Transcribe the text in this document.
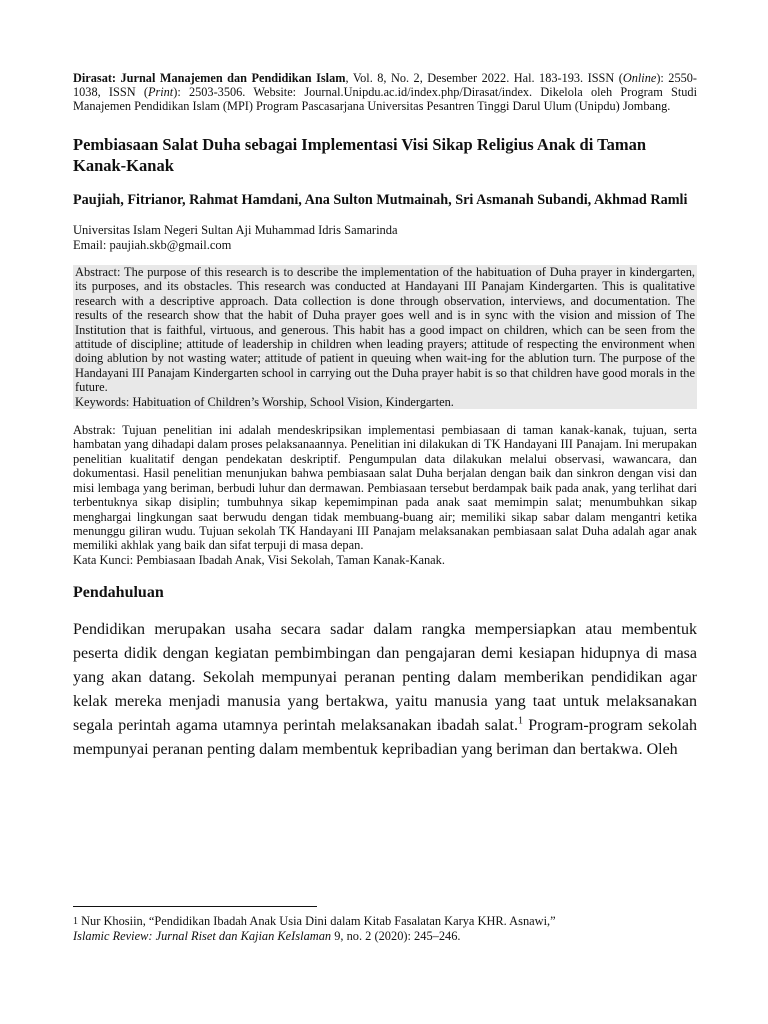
Dirasat: Jurnal Manajemen dan Pendidikan Islam, Vol. 8, No. 2, Desember 2022. Hal. 183-193. ISSN (Online): 2550-1038, ISSN (Print): 2503-3506. Website: Journal.Unipdu.ac.id/index.php/Dirasat/index. Dikelola oleh Program Studi Manajemen Pendidikan Islam (MPI) Program Pascasarjana Universitas Pesantren Tinggi Darul Ulum (Unipdu) Jombang.

Pembiasaan Salat Duha sebagai Implementasi Visi Sikap Religius Anak di Taman Kanak-Kanak

Paujiah, Fitrianor, Rahmat Hamdani, Ana Sulton Mutmainah, Sri Asmanah Subandi, Akhmad Ramli

Universitas Islam Negeri Sultan Aji Muhammad Idris Samarinda
Email: paujiah.skb@gmail.com

Abstract: The purpose of this research is to describe the implementation of the habituation of Duha prayer in kindergarten, its purposes, and its obstacles. This research was conducted at Handayani III Panajam Kindergarten. This is qualitative research with a descriptive approach. Data collection is done through observation, interviews, and documentation. The results of the research show that the habit of Duha prayer goes well and is in sync with the vision and mission of The Institution that is faithful, virtuous, and generous. This habit has a good impact on children, which can be seen from the attitude of discipline; attitude of leadership in children when leading prayers; attitude of respecting the environment when doing ablution by not wasting water; attitude of patient in queuing when wait-ing for the ablution turn. The purpose of the Handayani III Panajam Kindergarten school in carrying out the Duha prayer habit is so that children have good morals in the future.

Keywords: Habituation of Children’s Worship, School Vision, Kindergarten.

Abstrak: Tujuan penelitian ini adalah mendeskripsikan implementasi pembiasaan di taman kanak-kanak, tujuan, serta hambatan yang dihadapi dalam proses pelaksanaannya. Penelitian ini dilakukan di TK Handayani III Panajam. Ini merupakan penelitian kualitatif dengan pendekatan deskriptif. Pengumpulan data dilakukan melalui observasi, wawancara, dan dokumentasi. Hasil penelitian menunjukan bahwa pembiasaan salat Duha berjalan dengan baik dan sinkron dengan visi dan misi lembaga yang beriman, berbudi luhur dan dermawan. Pembiasaan tersebut berdampak baik pada anak, yang terlihat dari terbentuknya sikap disiplin; tumbuhnya sikap kepemimpinan pada anak saat memimpin salat; menumbuhkan sikap menghargai lingkungan saat berwudu dengan tidak membuang-buang air; memiliki sikap sabar dalam mengantri ketika menunggu giliran wudu. Tujuan sekolah TK Handayani III Panajam melaksanakan pembiasaan salat Duha adalah agar anak memiliki akhlak yang baik dan sifat terpuji di masa depan.

Kata Kunci: Pembiasaan Ibadah Anak, Visi Sekolah, Taman Kanak-Kanak.

Pendahuluan

Pendidikan merupakan usaha secara sadar dalam rangka mempersiapkan atau membentuk peserta didik dengan kegiatan pembimbingan dan pengajaran demi kesiapan hidupnya di masa yang akan datang. Sekolah mempunyai peranan penting dalam memberikan pendidikan agar kelak mereka menjadi manusia yang bertakwa, yaitu manusia yang taat untuk melaksanakan segala perintah agama utamnya perintah melaksanakan ibadah salat.$^1$ Program-program sekolah mempunyai peranan penting dalam membentuk kepribadian yang beriman dan bertakwa. Oleh

$^1$ Nur Khosiin, “Pendidikan Ibadah Anak Usia Dini dalam Kitab Fasalatan Karya KHR. Asnawi,”
Islamic Review: Jurnal Riset dan Kajian KeIslaman 9, no. 2 (2020): 245–246.
